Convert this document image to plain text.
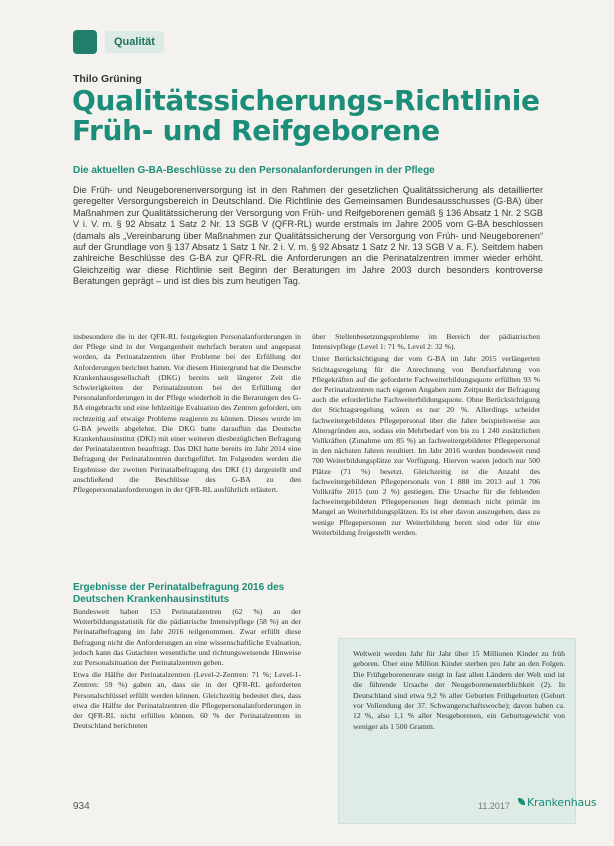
Qualität
Thilo Grüning
Qualitätssicherungs-Richtlinie
Früh- und Reifgeborene
Die aktuellen G-BA-Beschlüsse zu den Personalanforderungen in der Pflege

Die Früh- und Neugeborenenversorgung ist in den Rahmen der gesetzlichen Qualitätssicherung als detaillierter geregelter Versorgungsbereich in Deutschland. Die Richtlinie des Gemeinsamen Bundesausschusses (G-BA) über Maßnahmen zur Qualitätssicherung der Versorgung von Früh- und Reifgeborenen gemäß § 136 Absatz 1 Nr. 2 SGB V i. V. m. § 92 Absatz 1 Satz 2 Nr. 13 SGB V (QFR-RL) wurde erstmals im Jahre 2005 vom G-BA beschlossen (damals als „Vereinbarung über Maßnahmen zur Qualitätssicherung der Versorgung von Früh- und Neugeborenen“ auf der Grundlage von § 137 Absatz 1 Satz 1 Nr. 2 i. V. m. § 92 Absatz 1 Satz 2 Nr. 13 SGB V a. F.). Seitdem haben zahlreiche Beschlüsse des G-BA zur QFR-RL die Anforderungen an die Perinatalzentren immer wieder erhöht. Gleichzeitig war diese Richtlinie seit Beginn der Beratungen im Jahre 2003 durch besonders kontroverse Beratungen geprägt – und ist dies bis zum heutigen Tag.

insbesondere die in der QFR-RL festgelegten Personalanforderungen in der Pflege sind in der Vergangenheit mehrfach beraten und angepasst worden, da Perinatalzentren über Probleme bei der Erfüllung der Anforderungen berichtet hatten. Vor diesem Hintergrund hat die Deutsche Krankenhausgesellschaft (DKG) bereits seit längerer Zeit die Schwierigkeiten der Perinatalzentren bei der Erfüllung der Personalanforderungen in der Pflege wiederholt in die Beratungen des G-BA eingebracht und eine fehlzeitige Evaluation des Zentren gefordert, um rechtzeitig auf etwaige Probleme reagieren zu können. Dieses wurde im G-BA jeweils abgelehnt. Die DKG hatte daraufhin das Deutsche Krankenhausinstitut (DKI) mit einer weiteren diesbezüglichen Befragung der Perinatalzentren beauftragt. Das DKI hatte bereits im Jahr 2014 eine Befragung der Perinatalzentren durchgeführt. Im Folgenden werden die Ergebnisse der zweiten Perinatalbefragung des DKI (1) dargestellt und anschließend die Beschlüsse des G-BA zu den Pflegepersonalanforderungen in der QFR-RL ausführlich erläutert.

Ergebnisse der Perinatalbefragung 2016 des Deutschen Krankenhausinstituts

Bundesweit haben 153 Perinatalzentren (62 %) an der Weiterbildungsstatistik für die pädiatrische Intensivpflege (58 %) an der Perinatalbefragung im Jahr 2016 teilgenommen. Zwar erfüllt diese Befragung nicht die Anforderungen an eine wissenschaftliche Evaluation, jedoch kann das Gutachten wesentliche und richtungsweisende Hinweise zur Personalsituation der Perinatalzentren geben.

Etwa die Hälfte der Perinatalzentren (Level-2-Zentren: 71 %; Level-1-Zentren: 59 %) gaben an, dass sie in der QFR-RL geforderten Personalschlüssel erfüllt werden können. Gleichzeitig bedeutet dies, dass etwa die Hälfte der Perinatalzentren die Pflegepersonalanforderungen in der QFR-RL nicht erfüllen können. 60 % der Perinatalzentren in Deutschland berichteten

über Stellenbesetzungsprobleme im Bereich der pädiatrischen Intensivpflege (Level 1: 71 %, Level 2: 32 %).

Unter Berücksichtigung der vom G-BA im Jahr 2015 verlängerten Stichtagsregelung für die Anrechnung von Berufserfahrung von Pflegekräften auf die geforderte Fachweiterbildungsquote erfüllten 93 % der Perinatalzentren nach eigenen Angaben zum Zeitpunkt der Befragung auch die erforderliche Fachweiterbildungsquote. Ohne Berücksichtigung der Stichtagsregelung wären es nur 20 %. Allerdings scheidet fachweitergebildetes Pflegepersonal über die Jahre beispielsweise aus Altersgründen aus, sodass ein Mehrbedarf von bis zu 1 240 zusätzlichen Vollkräften (Zunahme um 85 %) an fachweitergebildeter Pflegepersonal in den nächsten Jahren resultiert. Im Jahr 2016 wurden bundesweit rund 700 Weiterbildungsplätze zur Verfügung. Hiervon waren jedoch nur 500 Plätze (71 %) besetzt. Gleichzeitig ist die Anzahl des fachweitergebildeten Pflegepersonals von 1 888 im 2013 auf 1 706 Vollkräfte 2015 (um 2 %) gestiegen. Die Ursache für die fehlenden fachweitergebildeten Pflegepersonen liegt demnach nicht primär im Mangel an Weiterbildungsplätzen. Es ist eher davon auszugehen, dass zu wenige Pflegepersonen zur Weiterbildung bereit sind oder für eine Weiterbildung freigestellt werden.

Weltweit werden Jahr für Jahr über 15 Millionen Kinder zu früh geboren. Über eine Million Kinder sterben pro Jahr an den Folgen. Die Frühgeborenenrate steigt in fast allen Ländern der Welt und ist die führende Ursache der Neugeborenensterblichkeit (2). In Deutschland sind etwa 9,2 % aller Geburten Frühgeburten (Geburt vor Vollendung der 37. Schwangerschaftswoche); davon haben ca. 12 %, also 1,1 % aller Neugeborenen, ein Geburtsgewicht von weniger als 1 500 Gramm.

934	11.2017	Krankenhaus
